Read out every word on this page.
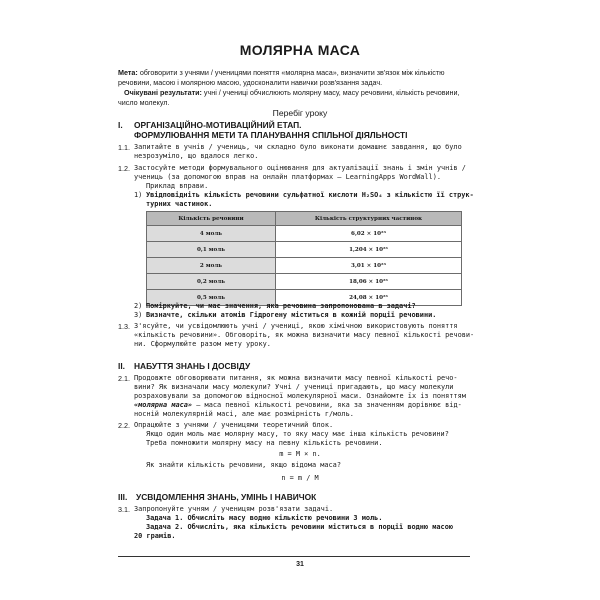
МОЛЯРНА МАСА
Мета: обговорити з учнями / ученицями поняття «молярна маса», визначити зв'язок між кількістю
речовини, масою і молярною масою, удосконалити навички розв'язання задач.
Очікувані результати: учні / учениці обчислюють молярну масу, масу речовини, кількість речовини,
число молекул.
Перебіг уроку
I. ОРГАНІЗАЦІЙНО-МОТИВАЦІЙНИЙ ЕТАП.
ФОРМУЛЮВАННЯ МЕТИ ТА ПЛАНУВАННЯ СПІЛЬНОЇ ДІЯЛЬНОСТІ
1.1. Запитайте в учнів / учениць, чи складно було виконати домашнє завдання, що було
незрозуміло, що вдалося легко.
1.2. Застосуйте методи формувального оцінювання для актуалізації знань і змін учнів /
учениць (за допомогою вправ на онлайн платформах — LearningApps WordWall).
Приклад вправи.
1) Увідповідніть кількість речовини сульфатної кислоти H₂SO₄ з кількістю її струк-
турних частинок.
Кількість речовини	Кількість структурних частинок
4 моль	6,02 × 10²³
0,1 моль	1,204 × 10²³
2 моль	3,01 × 10²³
0,2 моль	18,06 × 10²³
0,5 моль	24,08 × 10²³
2) Поміркуйте, чи має значення, яка речовина запропонована в задачі?
3) Визначте, скільки атомів Гідрогену міститься в кожній порції речовини.
1.3. З'ясуйте, чи усвідомлюють учні / учениці, якою хімічною використовують поняття
«кількість речовини». Обговоріть, як можна визначити масу певної кількості речови-
ни. Сформулюйте разом мету уроку.
II. НАБУТТЯ ЗНАНЬ І ДОСВІДУ
2.1. Продовжте обговорювати питання, як можна визначити масу певної кількості речо-
вини? Як визначали масу молекули? Учні / учениці пригадають, що масу молекули
розраховували за допомогою відносної молекулярної маси. Ознайомте їх із поняттям
«молярна маса» — маса певної кількості речовини, яка за значенням дорівнює від-
носній молекулярній масі, але має розмірність г/моль.
2.2. Опрацюйте з учнями / ученицями теоретичний блок.
Якщо один моль має молярну масу, то яку масу має інша кількість речовини?
Треба помножити молярну масу на певну кількість речовини.
m = M × n.
Як знайти кількість речовини, якщо відома маса?
n = m / M
III. УСВІДОМЛЕННЯ ЗНАНЬ, УМІНЬ І НАВИЧОК
3.1. Запропонуйте учням / ученицям розв'язати задачі.
Задача 1. Обчисліть масу водню кількістю речовини 3 моль.
Задача 2. Обчисліть, яка кількість речовини міститься в порції водню масою
20 грамів.
31
